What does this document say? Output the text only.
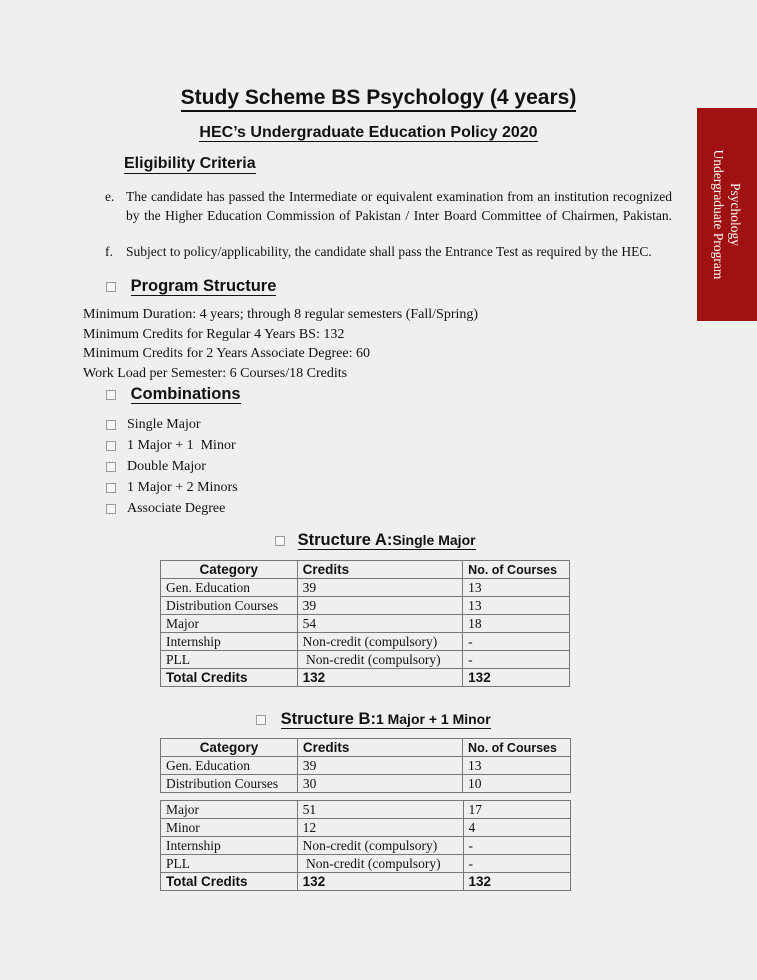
Study Scheme BS Psychology (4 years)
HEC’s Undergraduate Education Policy 2020
Eligibility Criteria
e. The candidate has passed the Intermediate or equivalent examination from an institution recognized by the Higher Education Commission of Pakistan / Inter Board Committee of Chairmen, Pakistan.
f. Subject to policy/applicability, the candidate shall pass the Entrance Test as required by the HEC.
Program Structure
Minimum Duration: 4 years; through 8 regular semesters (Fall/Spring)
Minimum Credits for Regular 4 Years BS: 132
Minimum Credits for 2 Years Associate Degree: 60
Work Load per Semester: 6 Courses/18 Credits
Combinations
Single Major
1 Major + 1  Minor
Double Major
1 Major + 2 Minors
Associate Degree
Structure A:Single Major
Category	Credits	No. of Courses
Gen. Education	39	13
Distribution Courses	39	13
Major	54	18
Internship	Non-credit (compulsory)	-
PLL	Non-credit (compulsory)	-
Total Credits	132	132
Structure B:1 Major + 1 Minor
Category	Credits	No. of Courses
Gen. Education	39	13
Distribution Courses	30	10
Major	51	17
Minor	12	4
Internship	Non-credit (compulsory)	-
PLL	Non-credit (compulsory)	-
Total Credits	132	132
Psychology
Undergraduate Program
